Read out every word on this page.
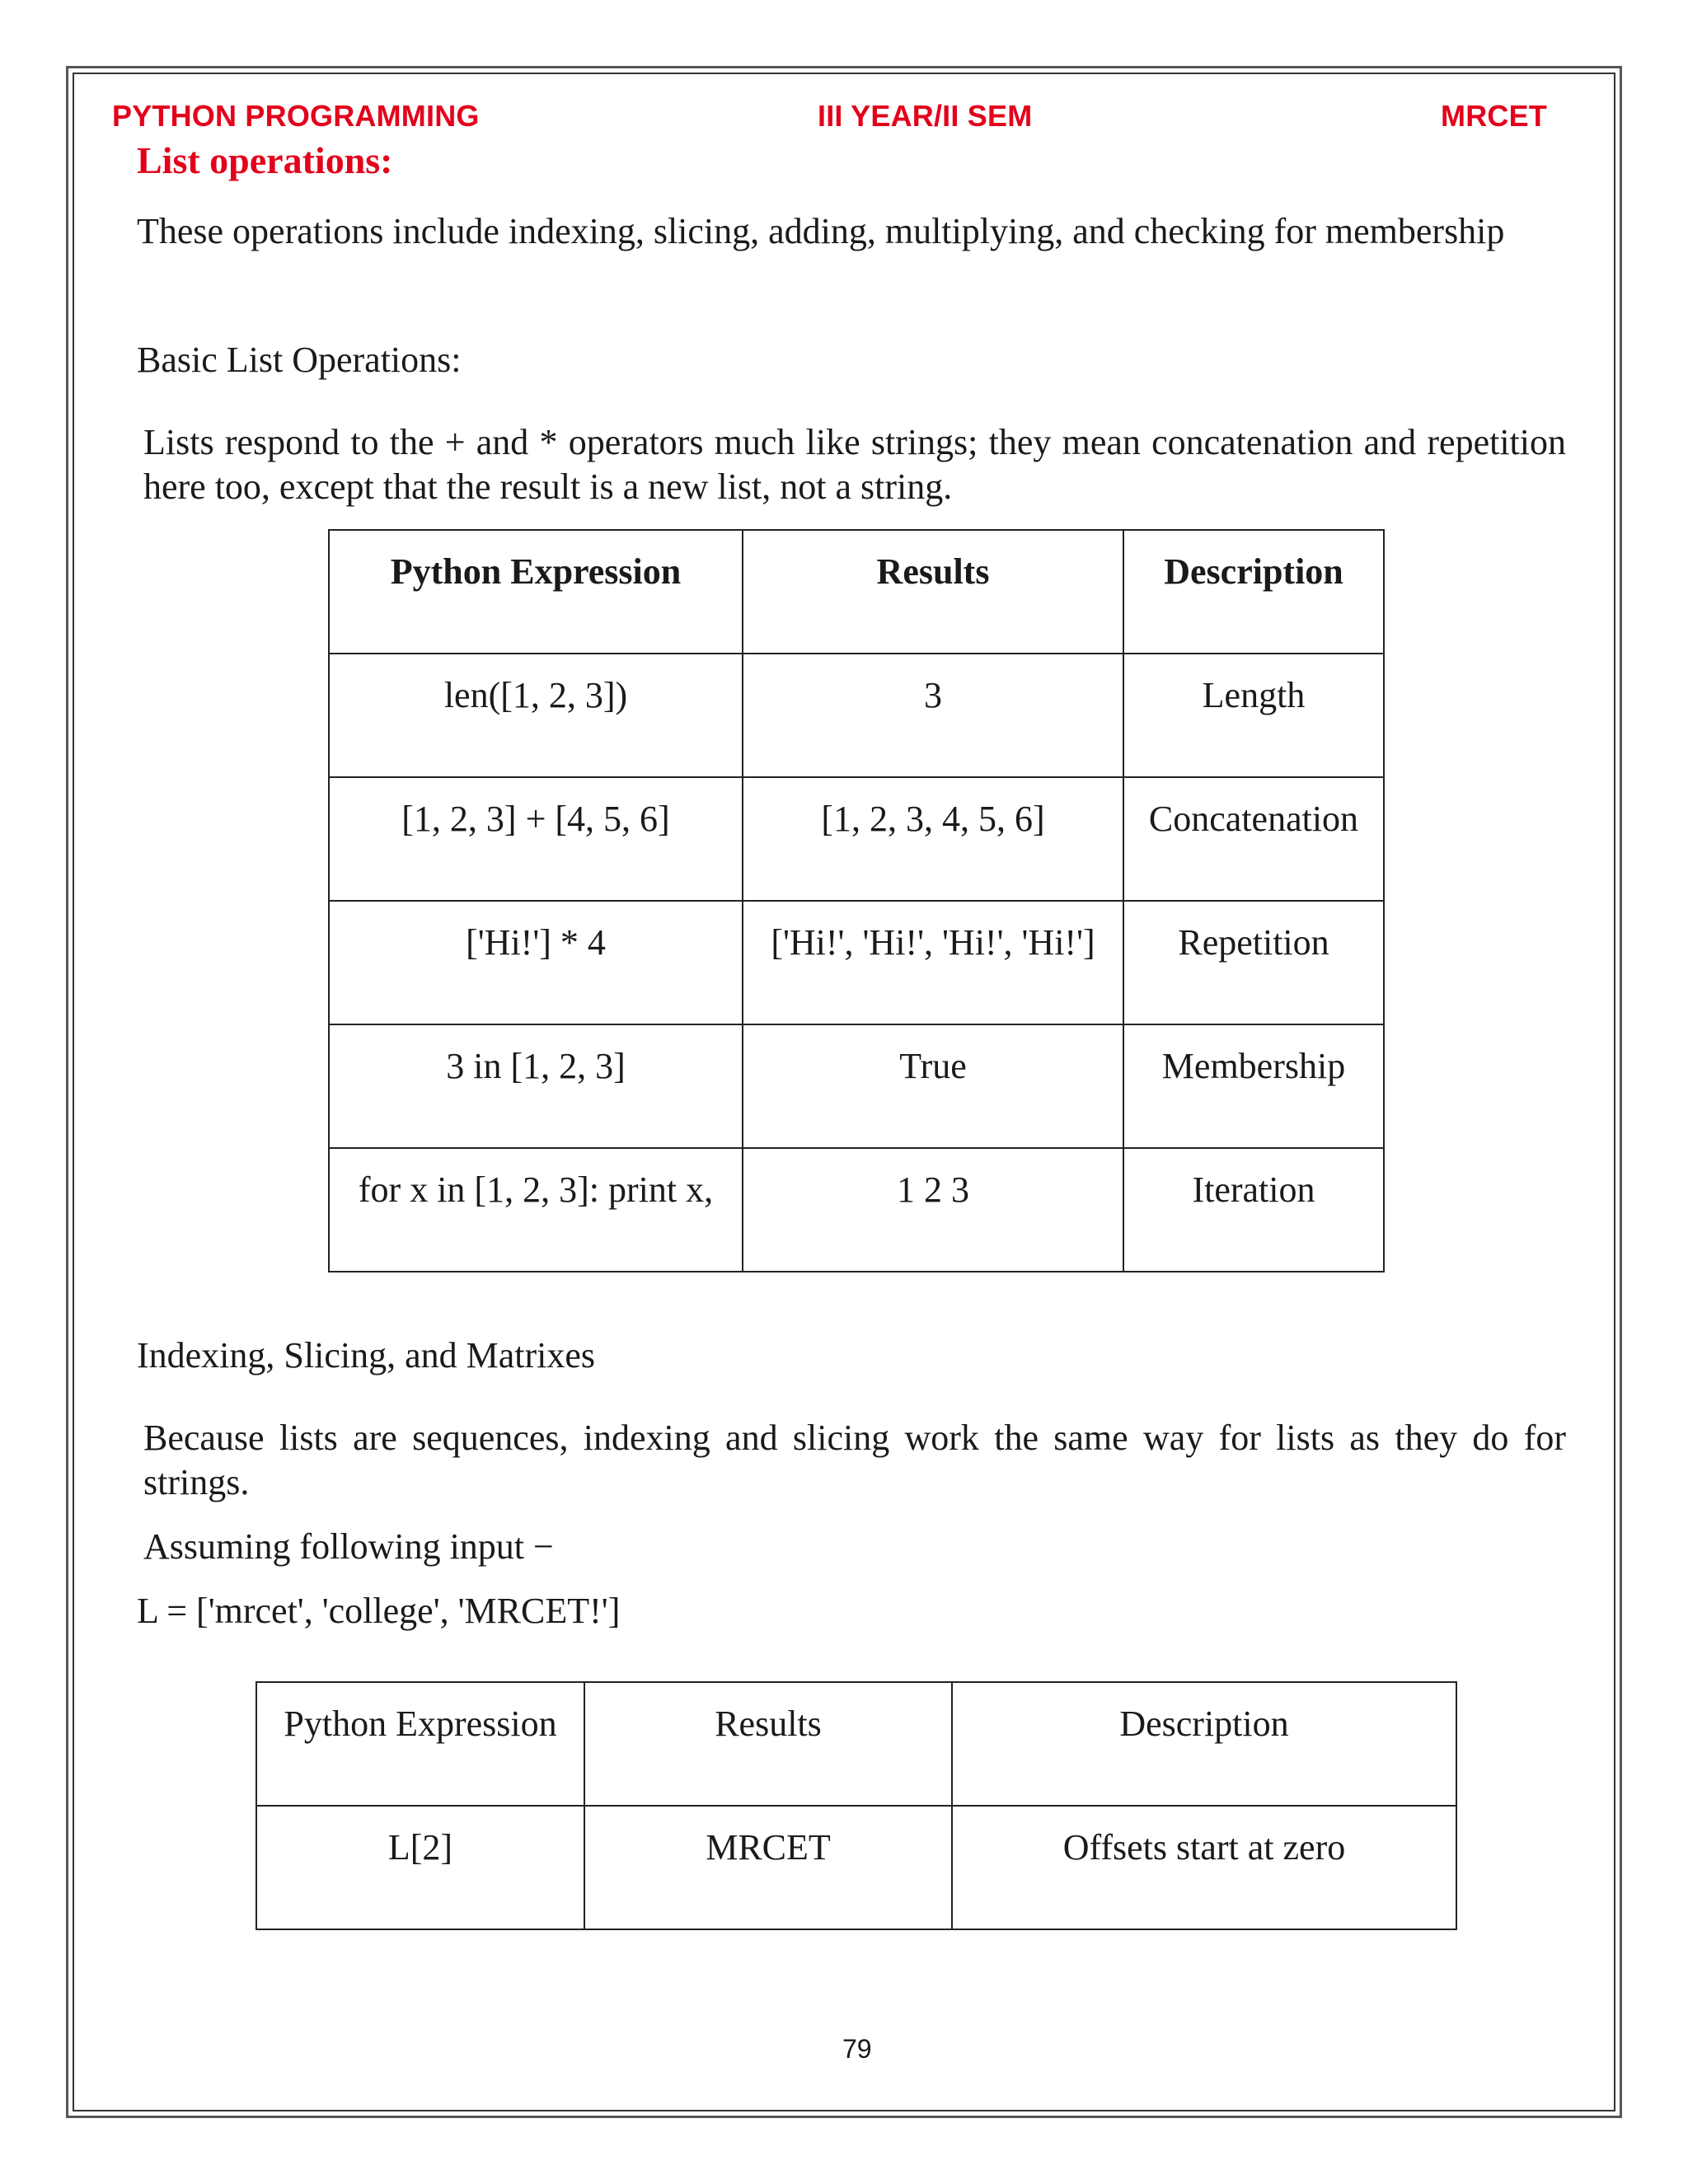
PYTHON PROGRAMMING	III YEAR/II SEM	MRCET
List operations:
These operations include indexing, slicing, adding, multiplying, and checking for membership
Basic List Operations:
Lists respond to the + and * operators much like strings; they mean concatenation and repetition here too, except that the result is a new list, not a string.
Python Expression	Results	Description
len([1, 2, 3])	3	Length
[1, 2, 3] + [4, 5, 6]	[1, 2, 3, 4, 5, 6]	Concatenation
['Hi!'] * 4	['Hi!', 'Hi!', 'Hi!', 'Hi!']	Repetition
3 in [1, 2, 3]	True	Membership
for x in [1, 2, 3]: print x,	1 2 3	Iteration
Indexing, Slicing, and Matrixes
Because lists are sequences, indexing and slicing work the same way for lists as they do for strings.
Assuming following input −
L = ['mrcet', 'college', 'MRCET!']
Python Expression	Results	Description
L[2]	MRCET	Offsets start at zero
79
